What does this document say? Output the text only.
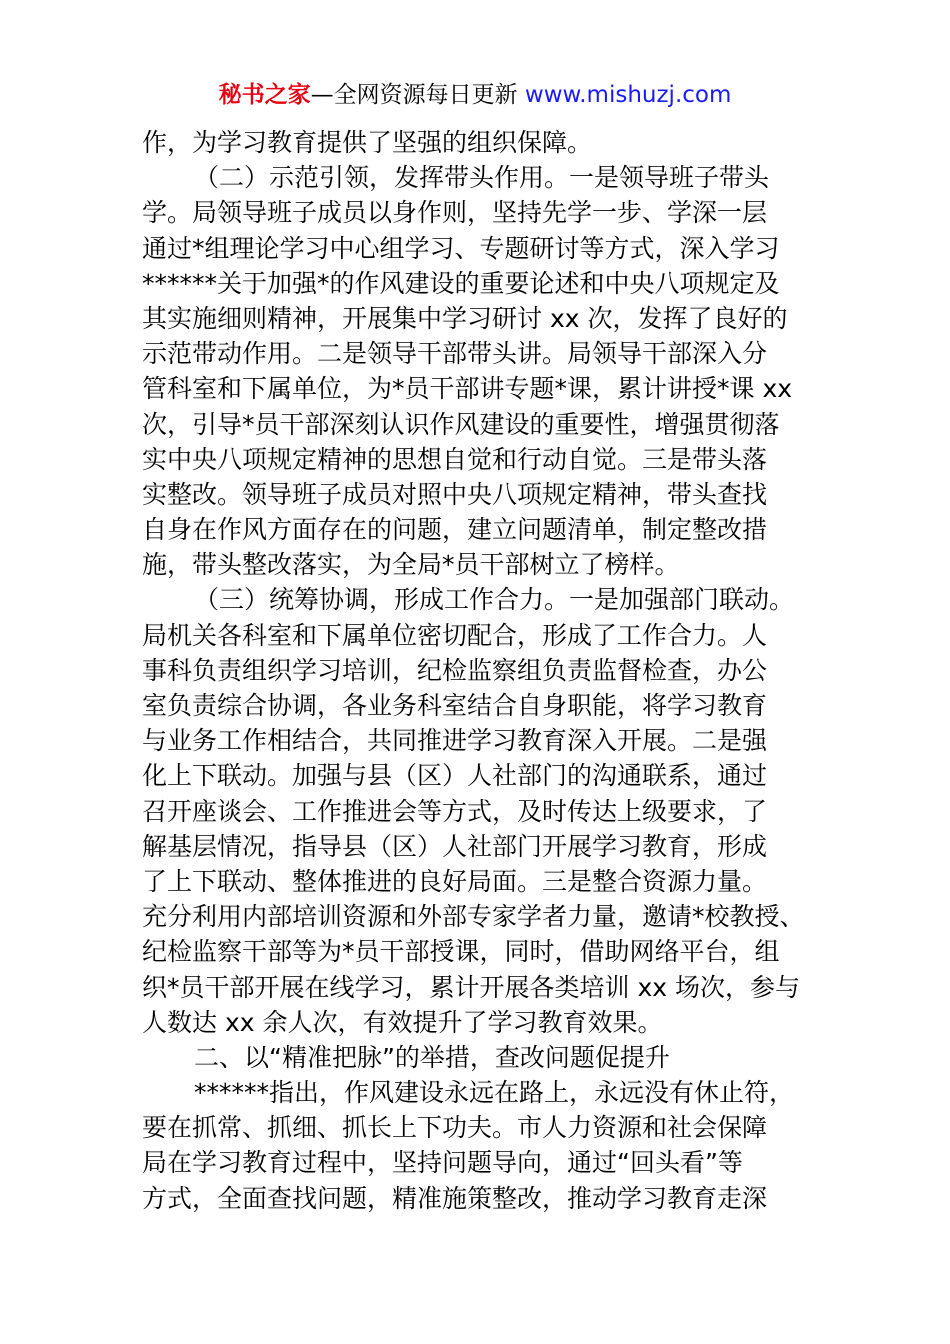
秘书之家—全网资源每日更新 www.mishuzj.com
作，为学习教育提供了坚强的组织保障。
（二）示范引领，发挥带头作用。一是领导班子带头
学。局领导班子成员以身作则，坚持先学一步、学深一层
通过*组理论学习中心组学习、专题研讨等方式，深入学习
******关于加强*的作风建设的重要论述和中央八项规定及
其实施细则精神，开展集中学习研讨 xx 次，发挥了良好的
示范带动作用。二是领导干部带头讲。局领导干部深入分
管科室和下属单位，为*员干部讲专题*课，累计讲授*课 xx
次，引导*员干部深刻认识作风建设的重要性，增强贯彻落
实中央八项规定精神的思想自觉和行动自觉。三是带头落
实整改。领导班子成员对照中央八项规定精神，带头查找
自身在作风方面存在的问题，建立问题清单，制定整改措
施，带头整改落实，为全局*员干部树立了榜样。
（三）统筹协调，形成工作合力。一是加强部门联动。
局机关各科室和下属单位密切配合，形成了工作合力。人
事科负责组织学习培训，纪检监察组负责监督检查，办公
室负责综合协调，各业务科室结合自身职能，将学习教育
与业务工作相结合，共同推进学习教育深入开展。二是强
化上下联动。加强与县（区）人社部门的沟通联系，通过
召开座谈会、工作推进会等方式，及时传达上级要求，了
解基层情况，指导县（区）人社部门开展学习教育，形成
了上下联动、整体推进的良好局面。三是整合资源力量。
充分利用内部培训资源和外部专家学者力量，邀请*校教授、
纪检监察干部等为*员干部授课，同时，借助网络平台，组
织*员干部开展在线学习，累计开展各类培训 xx 场次，参与
人数达 xx 余人次，有效提升了学习教育效果。
二、以“精准把脉”的举措，查改问题促提升
******指出，作风建设永远在路上，永远没有休止符，
要在抓常、抓细、抓长上下功夫。市人力资源和社会保障
局在学习教育过程中，坚持问题导向，通过“回头看”等
方式，全面查找问题，精准施策整改，推动学习教育走深
